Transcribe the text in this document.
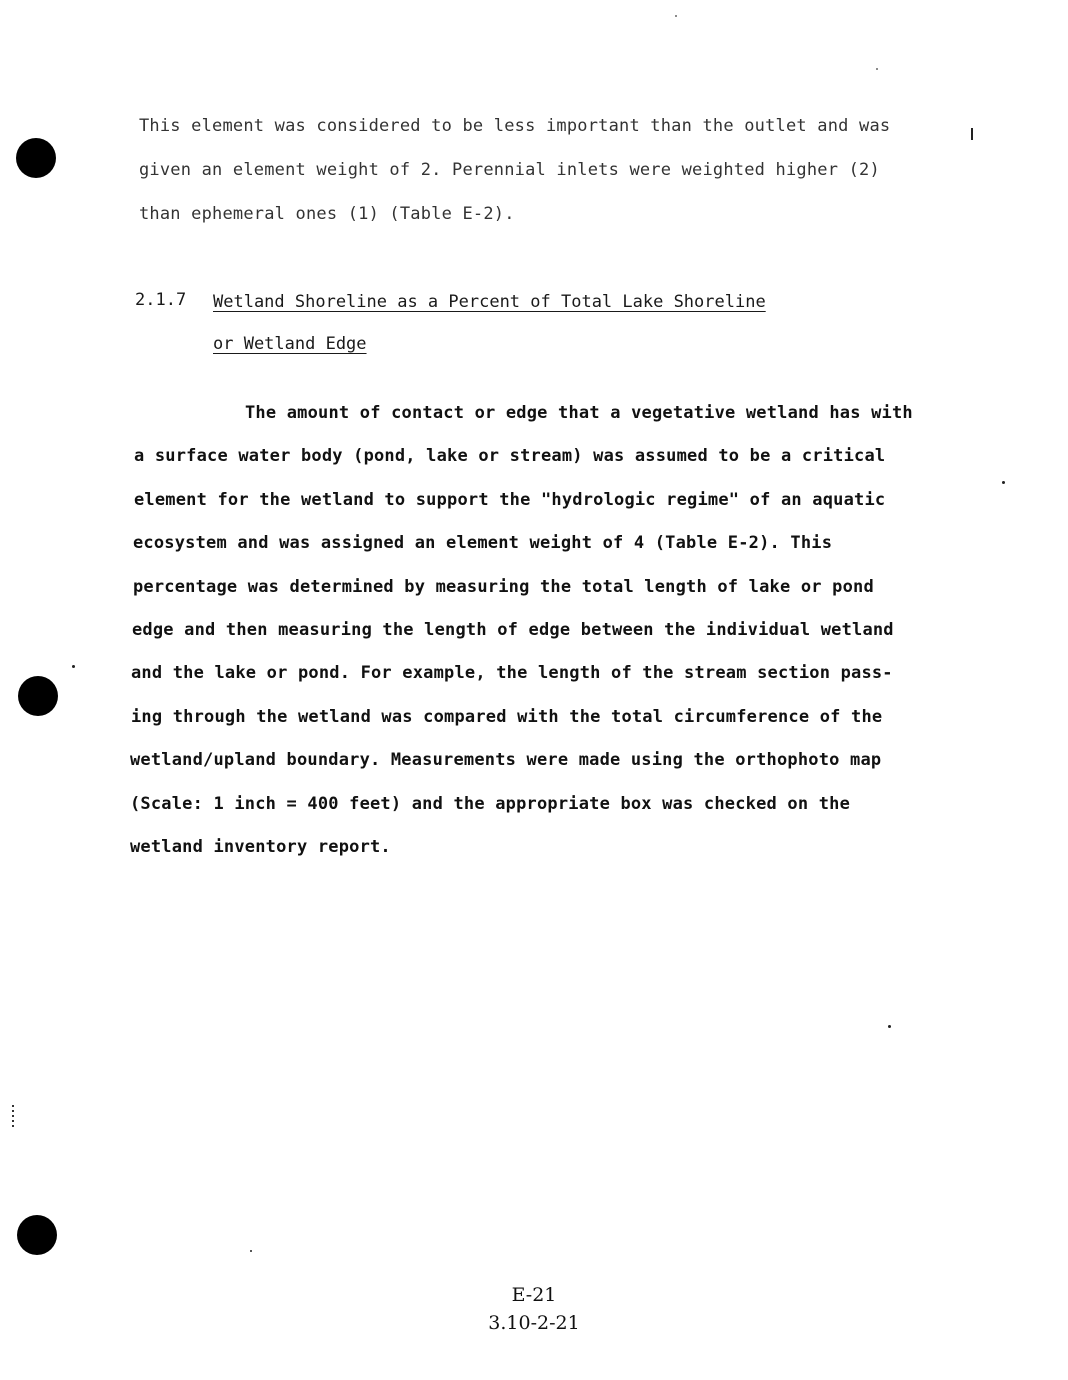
This element was considered to be less important than the outlet and was
given an element weight of 2. Perennial inlets were weighted higher (2)
than ephemeral ones (1) (Table E-2).
2.1.7 Wetland Shoreline as a Percent of Total Lake Shoreline
or Wetland Edge
The amount of contact or edge that a vegetative wetland has with
a surface water body (pond, lake or stream) was assumed to be a critical
element for the wetland to support the "hydrologic regime" of an aquatic
ecosystem and was assigned an element weight of 4 (Table E-2). This
percentage was determined by measuring the total length of lake or pond
edge and then measuring the length of edge between the individual wetland
and the lake or pond. For example, the length of the stream section pass-
ing through the wetland was compared with the total circumference of the
wetland/upland boundary. Measurements were made using the orthophoto map
(Scale: 1 inch = 400 feet) and the appropriate box was checked on the
wetland inventory report.
E-21
3.10-2-21
